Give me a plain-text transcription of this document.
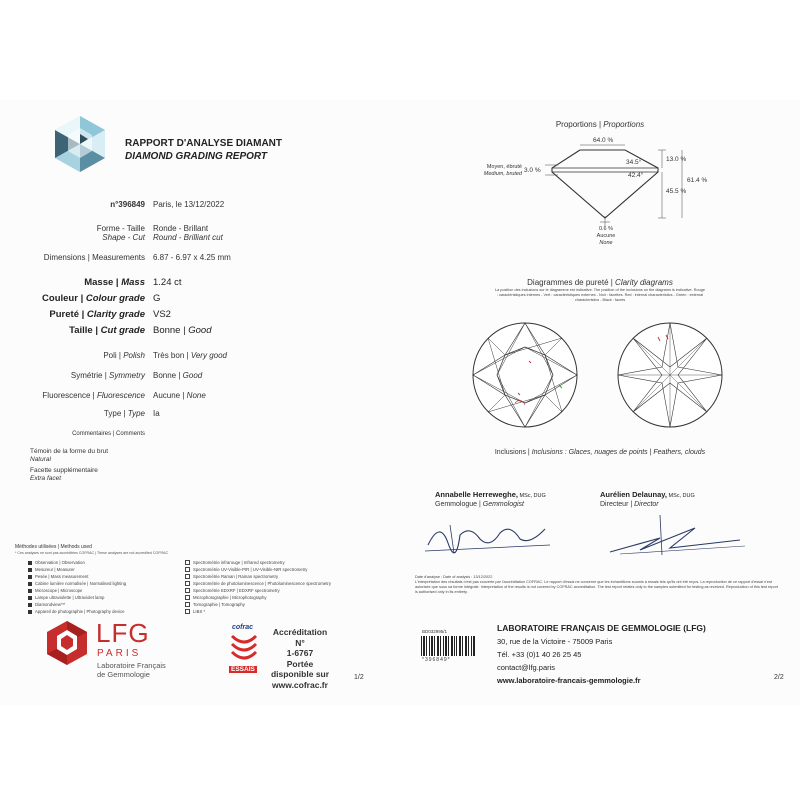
RAPPORT D'ANALYSE DIAMANT
DIAMOND GRADING REPORT
n°396849 Paris, le 13/12/2022
Forme - Taille
Shape - Cut
Ronde - Brillant
Round - Brilliant cut
Dimensions | Measurements 6.87 - 6.97 x 4.25 mm
Masse | Mass 1.24 ct
Couleur | Colour grade G
Pureté | Clarity grade VS2
Taille | Cut grade Bonne | Good
Poli | Polish Très bon | Very good
Symétrie | Symmetry Bonne | Good
Fluorescence | Fluorescence Aucune | None
Type | Type Ia
Commentaires | Comments
Témoin de la forme du brut
Natural
Facette supplémentaire
Extra facet
Méthodes utilisées | Methods used
* Ces analyses ne sont pas accréditées COFRAC | These analyses are not accredited COFRAC
Observation | Observation
Mesureur | Measurer
Pesée | Mass measurement
Cabine lumière normalisée | Normalised lighting
Microscope | Microscope
Lampe ultraviolette | Ultraviolet lamp
Diamondview™
Appareil de photographie | Photography device
Spectrométrie infrarouge | Infrared spectrometry
Spectrométrie UV-Visible-PIR | UV-Visible-NIR spectrometry
Spectrométrie Raman | Raman spectrometry
Spectrométrie de photoluminescence | Photoluminescence spectrometry
Spectrométrie EDXRF | EDXRF spectrometry
Microphotographie | Microphotography
Tomographie | Tomography
LIBS *
LFG
PARIS
Laboratoire Français
de Gemmologie
cofrac
ESSAIS
Accréditation N°
1-6767
Portée
disponible sur
www.cofrac.fr
1/2
Proportions | Proportions
64.0 %
34.5°
42.4°
13.0 %
45.5 %
61.4 %
Moyen, ébruté
Medium, bruted 3.0 %
0.6 %
Aucune
None
Diagrammes de pureté | Clarity diagrams
La position des inclusions sur le diagramme est indicative. The position of the inclusions on the diagrams is indicative. Rouge : caractéristiques internes - Vert : caractéristiques externes - Noir : facettes. Red : internal characteristics - Green : external characteristics - Black : facets
Inclusions | Inclusions : Glaces, nuages de points | Feathers, clouds
Annabelle Herreweghe, MSc, DUG
Gemmologue | Gemmologist
Aurélien Delaunay, MSc, DUG
Directeur | Director
Date d'analyse : Date of analysis : 13/12/2022
L'interprétation des résultats n'est pas couverte par l'accréditation COFRAC. Le rapport d'essai ne concerne que les échantillons soumis à essais tels qu'ils ont été reçus. La reproduction de ce rapport d'essai n'est autorisée que sous sa forme intégrale. Interpretation of the results is not covered by COFRAC accreditation. The test report relates only to the samples submitted for testing as received. Reproduction of this test report is authorised only in its entirety.
BD032995/1
*396849*
LABORATOIRE FRANÇAIS DE GEMMOLOGIE (LFG)
30, rue de la Victoire - 75009 Paris
Tél. +33 (0)1 40 26 25 45
contact@lfg.paris
www.laboratoire-francais-gemmologie.fr	2/2
